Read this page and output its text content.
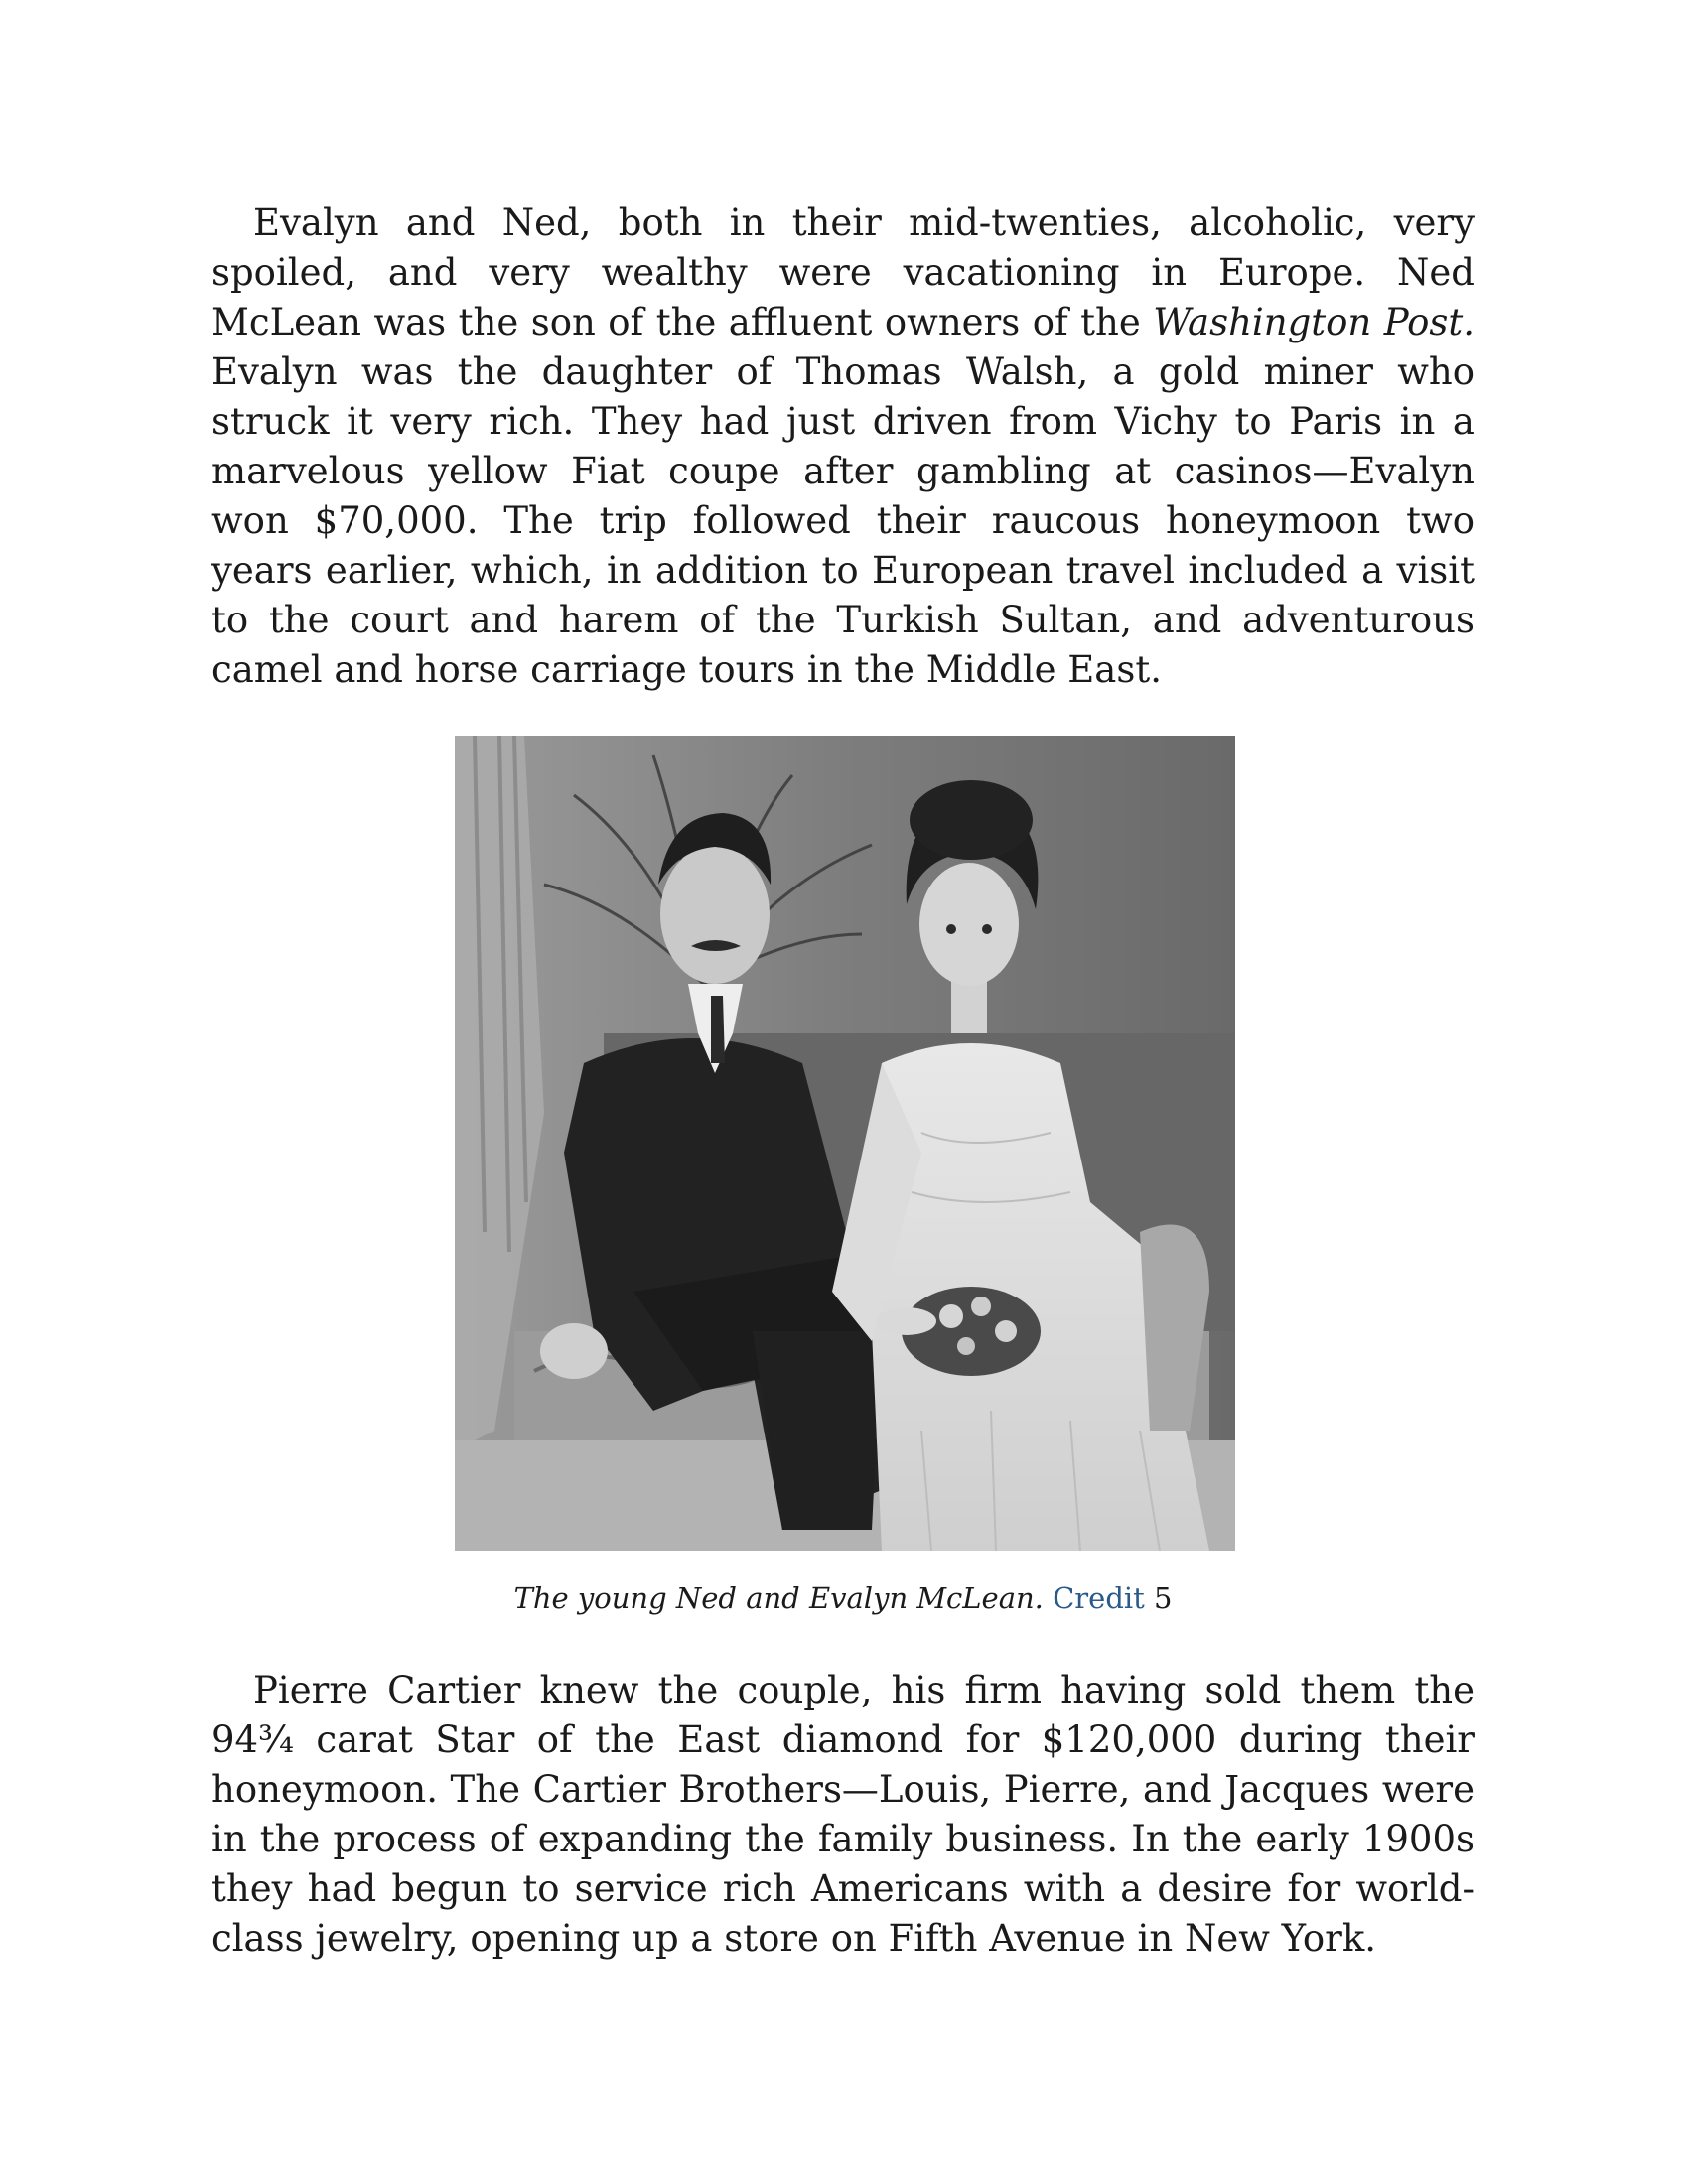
Evalyn and Ned, both in their mid-twenties, alcoholic, very spoiled, and very wealthy were vacationing in Europe. Ned McLean was the son of the affluent owners of the Washington Post. Evalyn was the daughter of Thomas Walsh, a gold miner who struck it very rich. They had just driven from Vichy to Paris in a marvelous yellow Fiat coupe after gambling at casinos—Evalyn won $70,000. The trip followed their raucous honeymoon two years earlier, which, in addition to European travel included a visit to the court and harem of the Turkish Sultan, and adventurous camel and horse carriage tours in the Middle East.

The young Ned and Evalyn McLean. Credit 5

Pierre Cartier knew the couple, his firm having sold them the 94¾ carat Star of the East diamond for $120,000 during their honeymoon. The Cartier Brothers—Louis, Pierre, and Jacques were in the process of expanding the family business. In the early 1900s they had begun to service rich Americans with a desire for world-class jewelry, opening up a store on Fifth Avenue in New York.
